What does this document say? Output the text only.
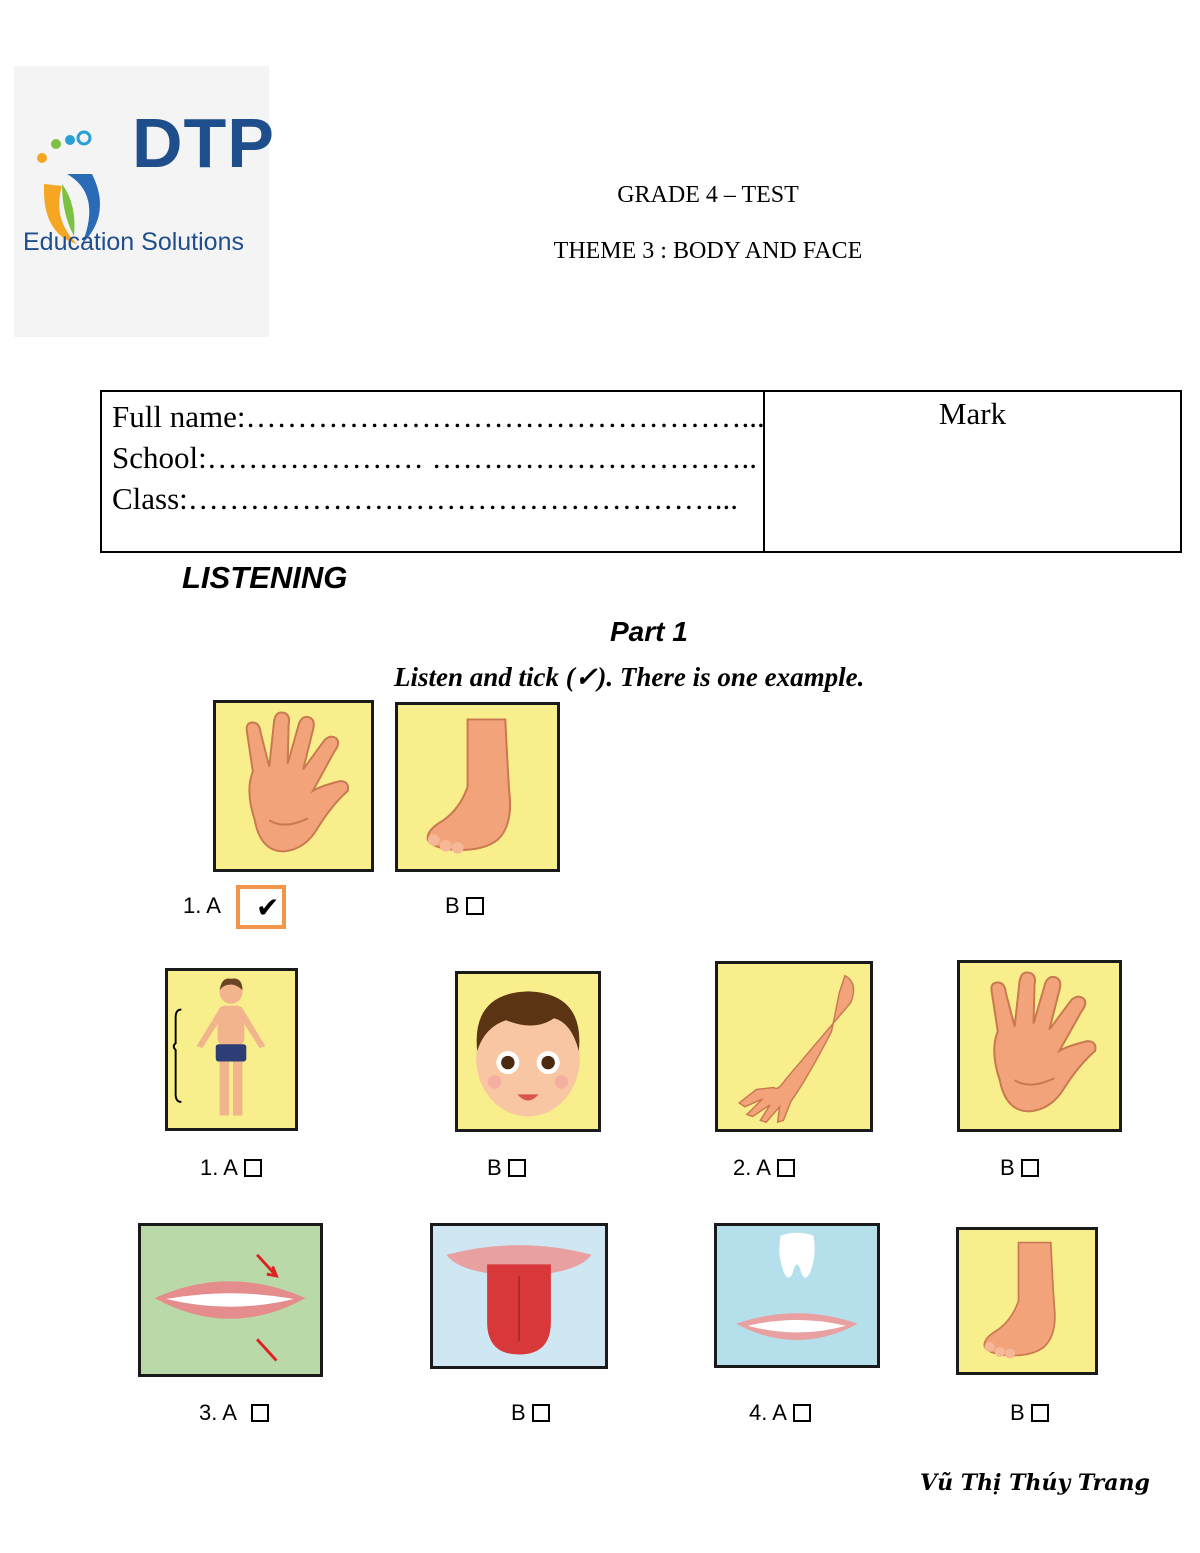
DTP
Education Solutions
GRADE 4 – TEST
THEME 3 : BODY AND FACE
Full name:…………………………………………...
School:………………… …………………………..
Class:……………………………………………...
Mark
LISTENING
Part 1
Listen and tick (✓). There is one example.
1. A ✔	B
1. A	B	2. A	B
3. A	B	4. A	B
Vũ Thị Thúy Trang
